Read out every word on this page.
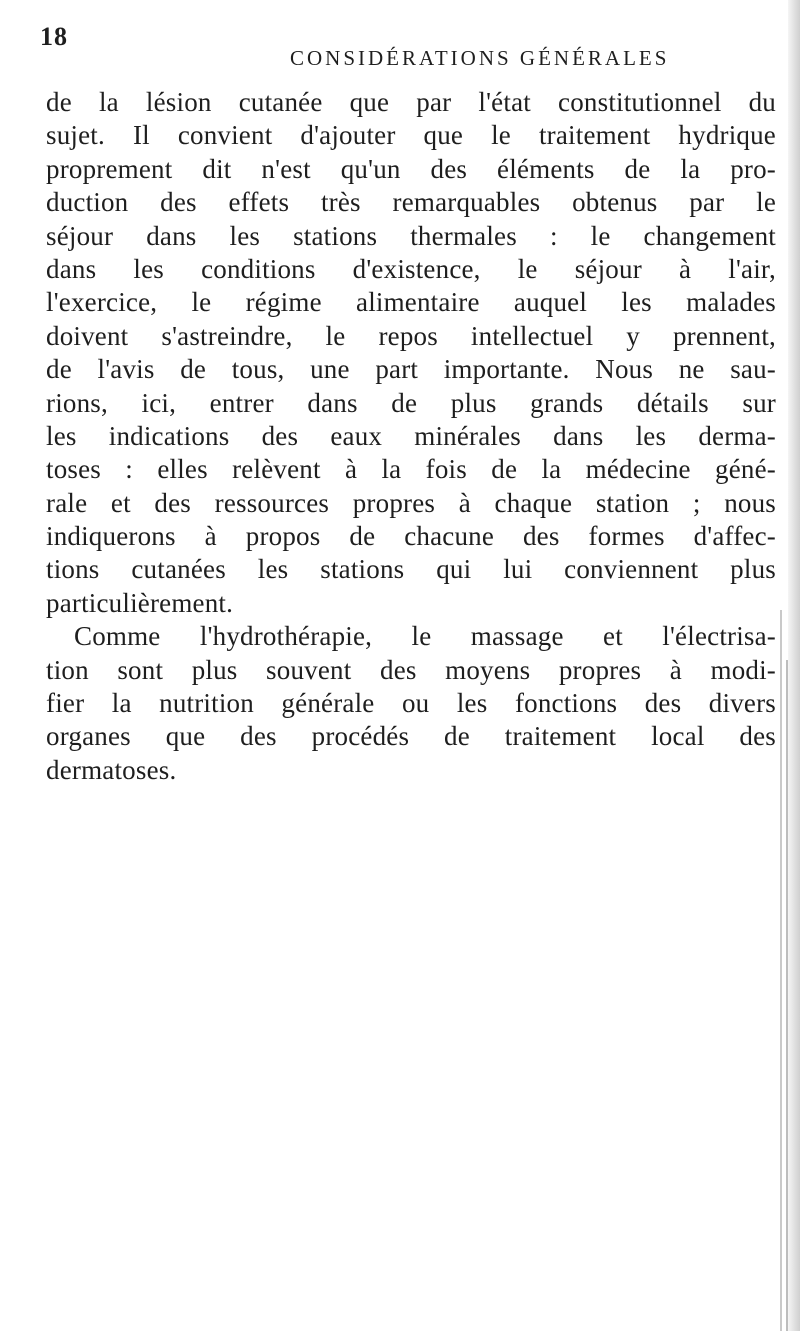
18
CONSIDÉRATIONS GÉNÉRALES
de la lésion cutanée que par l'état constitutionnel du
sujet. Il convient d'ajouter que le traitement hydrique
proprement dit n'est qu'un des éléments de la pro-
duction des effets très remarquables obtenus par le
séjour dans les stations thermales : le changement
dans les conditions d'existence, le séjour à l'air,
l'exercice, le régime alimentaire auquel les malades
doivent s'astreindre, le repos intellectuel y prennent,
de l'avis de tous, une part importante. Nous ne sau-
rions, ici, entrer dans de plus grands détails sur
les indications des eaux minérales dans les derma-
toses : elles relèvent à la fois de la médecine géné-
rale et des ressources propres à chaque station ; nous
indiquerons à propos de chacune des formes d'affec-
tions cutanées les stations qui lui conviennent plus
particulièrement.
Comme l'hydrothérapie, le massage et l'électrisa-
tion sont plus souvent des moyens propres à modi-
fier la nutrition générale ou les fonctions des divers
organes que des procédés de traitement local des
dermatoses.
